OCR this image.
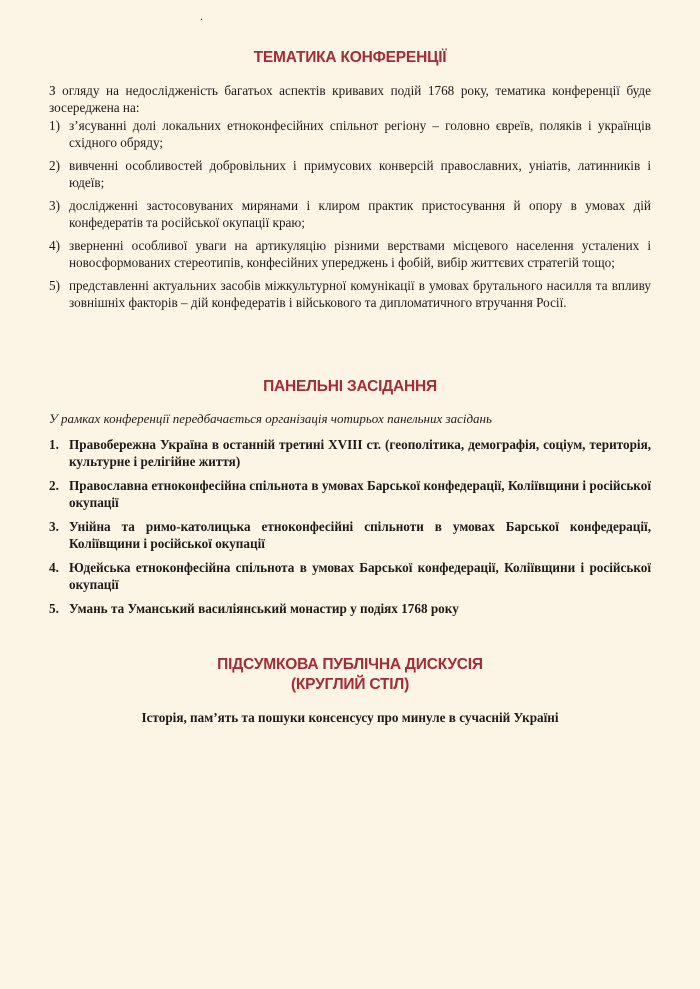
.
ТЕМАТИКА КОНФЕРЕНЦІЇ

З огляду на недослідженість багатьох аспектів кривавих подій 1768 року, тематика конференції буде зосереджена на:

1) з’ясуванні долі локальних етноконфесійних спільнот регіону – головно євреїв, поляків і українців східного обряду;
2) вивченні особливостей добровільних і примусових конверсій православних, уніатів, латинників і юдеїв;
3) дослідженні застосовуваних мирянами і клиром практик пристосування й опору в умовах дій конфедератів та російської окупації краю;
4) зверненні особливої уваги на артикуляцію різними верствами місцевого населення усталених і новосформованих стереотипів, конфесійних упереджень і фобій, вибір життєвих стратегій тощо;
5) представленні актуальних засобів міжкультурної комунікації в умовах брутального насилля та впливу зовнішніх факторів – дій конфедератів і військового та дипломатичного втручання Росії.
ПАНЕЛЬНІ ЗАСІДАННЯ

У рамках конференції передбачається організація чотирьох панельних засідань

1. Правобережна Україна в останній третині XVIII ст. (геополітика, демографія, соціум, територія, культурне і релігійне життя)
2. Православна етноконфесійна спільнота в умовах Барської конфедерації, Коліївщини і російської окупації
3. Унійна та римо-католицька етноконфесійні спільноти в умовах Барської конфедерації, Коліївщини і російської окупації
4. Юдейська етноконфесійна спільнота в умовах Барської конфедерації, Коліївщини і російської окупації
5. Умань та Уманський василіянський монастир у подіях 1768 року
ПІДСУМКОВА ПУБЛІЧНА ДИСКУСІЯ
(КРУГЛИЙ СТІЛ)
Історія, пам’ять та пошуки консенсусу про минуле в сучасній Україні
